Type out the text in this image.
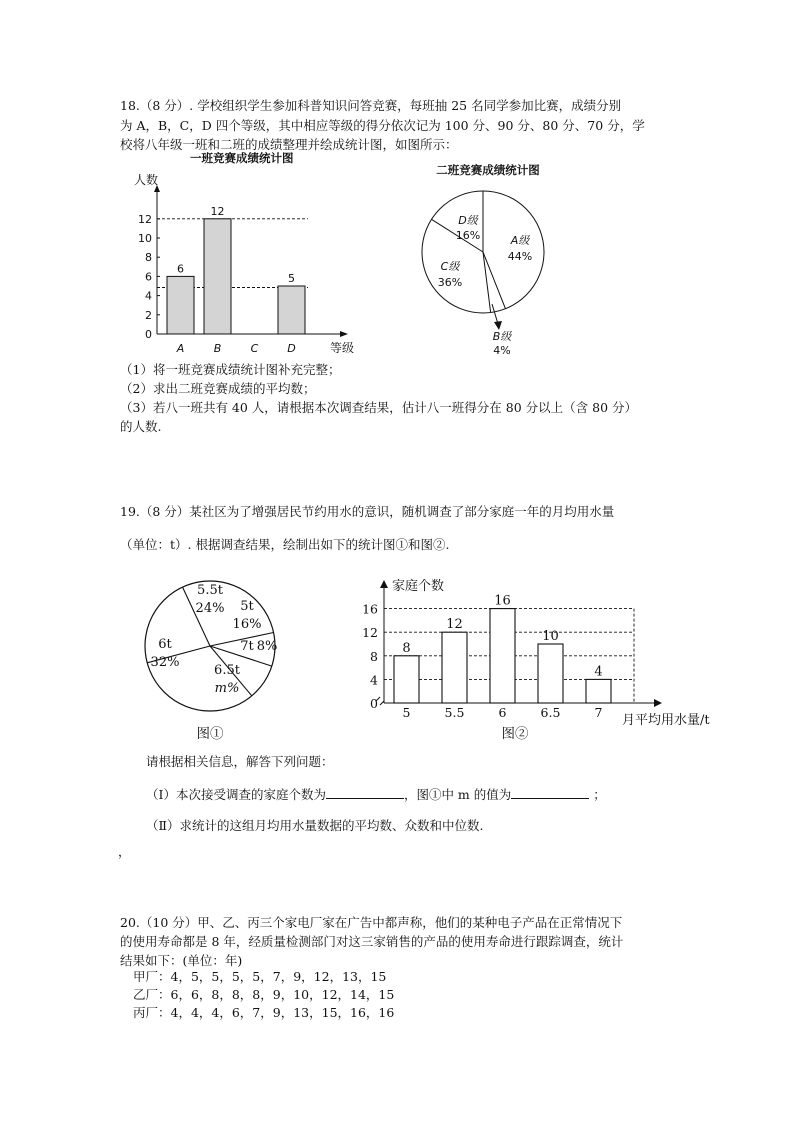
18.（8 分）. 学校组织学生参加科普知识问答竞赛，每班抽 25 名同学参加比赛，成绩分别
为 A，B，C，D 四个等级，其中相应等级的得分依次记为 100 分、90 分、80 分、70 分，学
校将八年级一班和二班的成绩整理并绘成统计图，如图所示：
一班竞赛成绩统计图
人数
等级
0
2
4
6
8
10
12
6
A
12
B	C
5
D
二班竞赛成绩统计图
A级
44%
C级
36%
D级
16%
B级
4%
（1）将一班竞赛成绩统计图补充完整；
（2）求出二班竞赛成绩的平均数；
（3）若八一班共有 40 人，请根据本次调查结果，估计八一班得分在 80 分以上（含 80 分）
的人数.
19.（8 分）某社区为了增强居民节约用水的意识，随机调查了部分家庭一年的月均用水量
（单位：t）. 根据调查结果，绘制出如下的统计图①和图②.
5t
16%
7t 8%
6.5t
m%
6t
32%
5.5t
24%
图①
家庭个数
月平均用水量/t
0
4
8
12
16
8
5
12
5.5
16
6
10
6.5
4
7
图②
请根据相关信息，解答下列问题：
（Ⅰ）本次接受调查的家庭个数为	，图①中 m 的值为	；
（Ⅱ）求统计的这组月均用水量数据的平均数、众数和中位数.
，
20.（10 分）甲、乙、丙三个家电厂家在广告中都声称，他们的某种电子产品在正常情况下
的使用寿命都是 8 年，经质量检测部门对这三家销售的产品的使用寿命进行跟踪调查，统计
结果如下：(单位：年)
甲厂：4，5，5，5，5，7，9，12，13，15
乙厂：6，6，8，8，8，9，10，12，14，15
丙厂：4，4，4，6，7，9，13，15，16，16
